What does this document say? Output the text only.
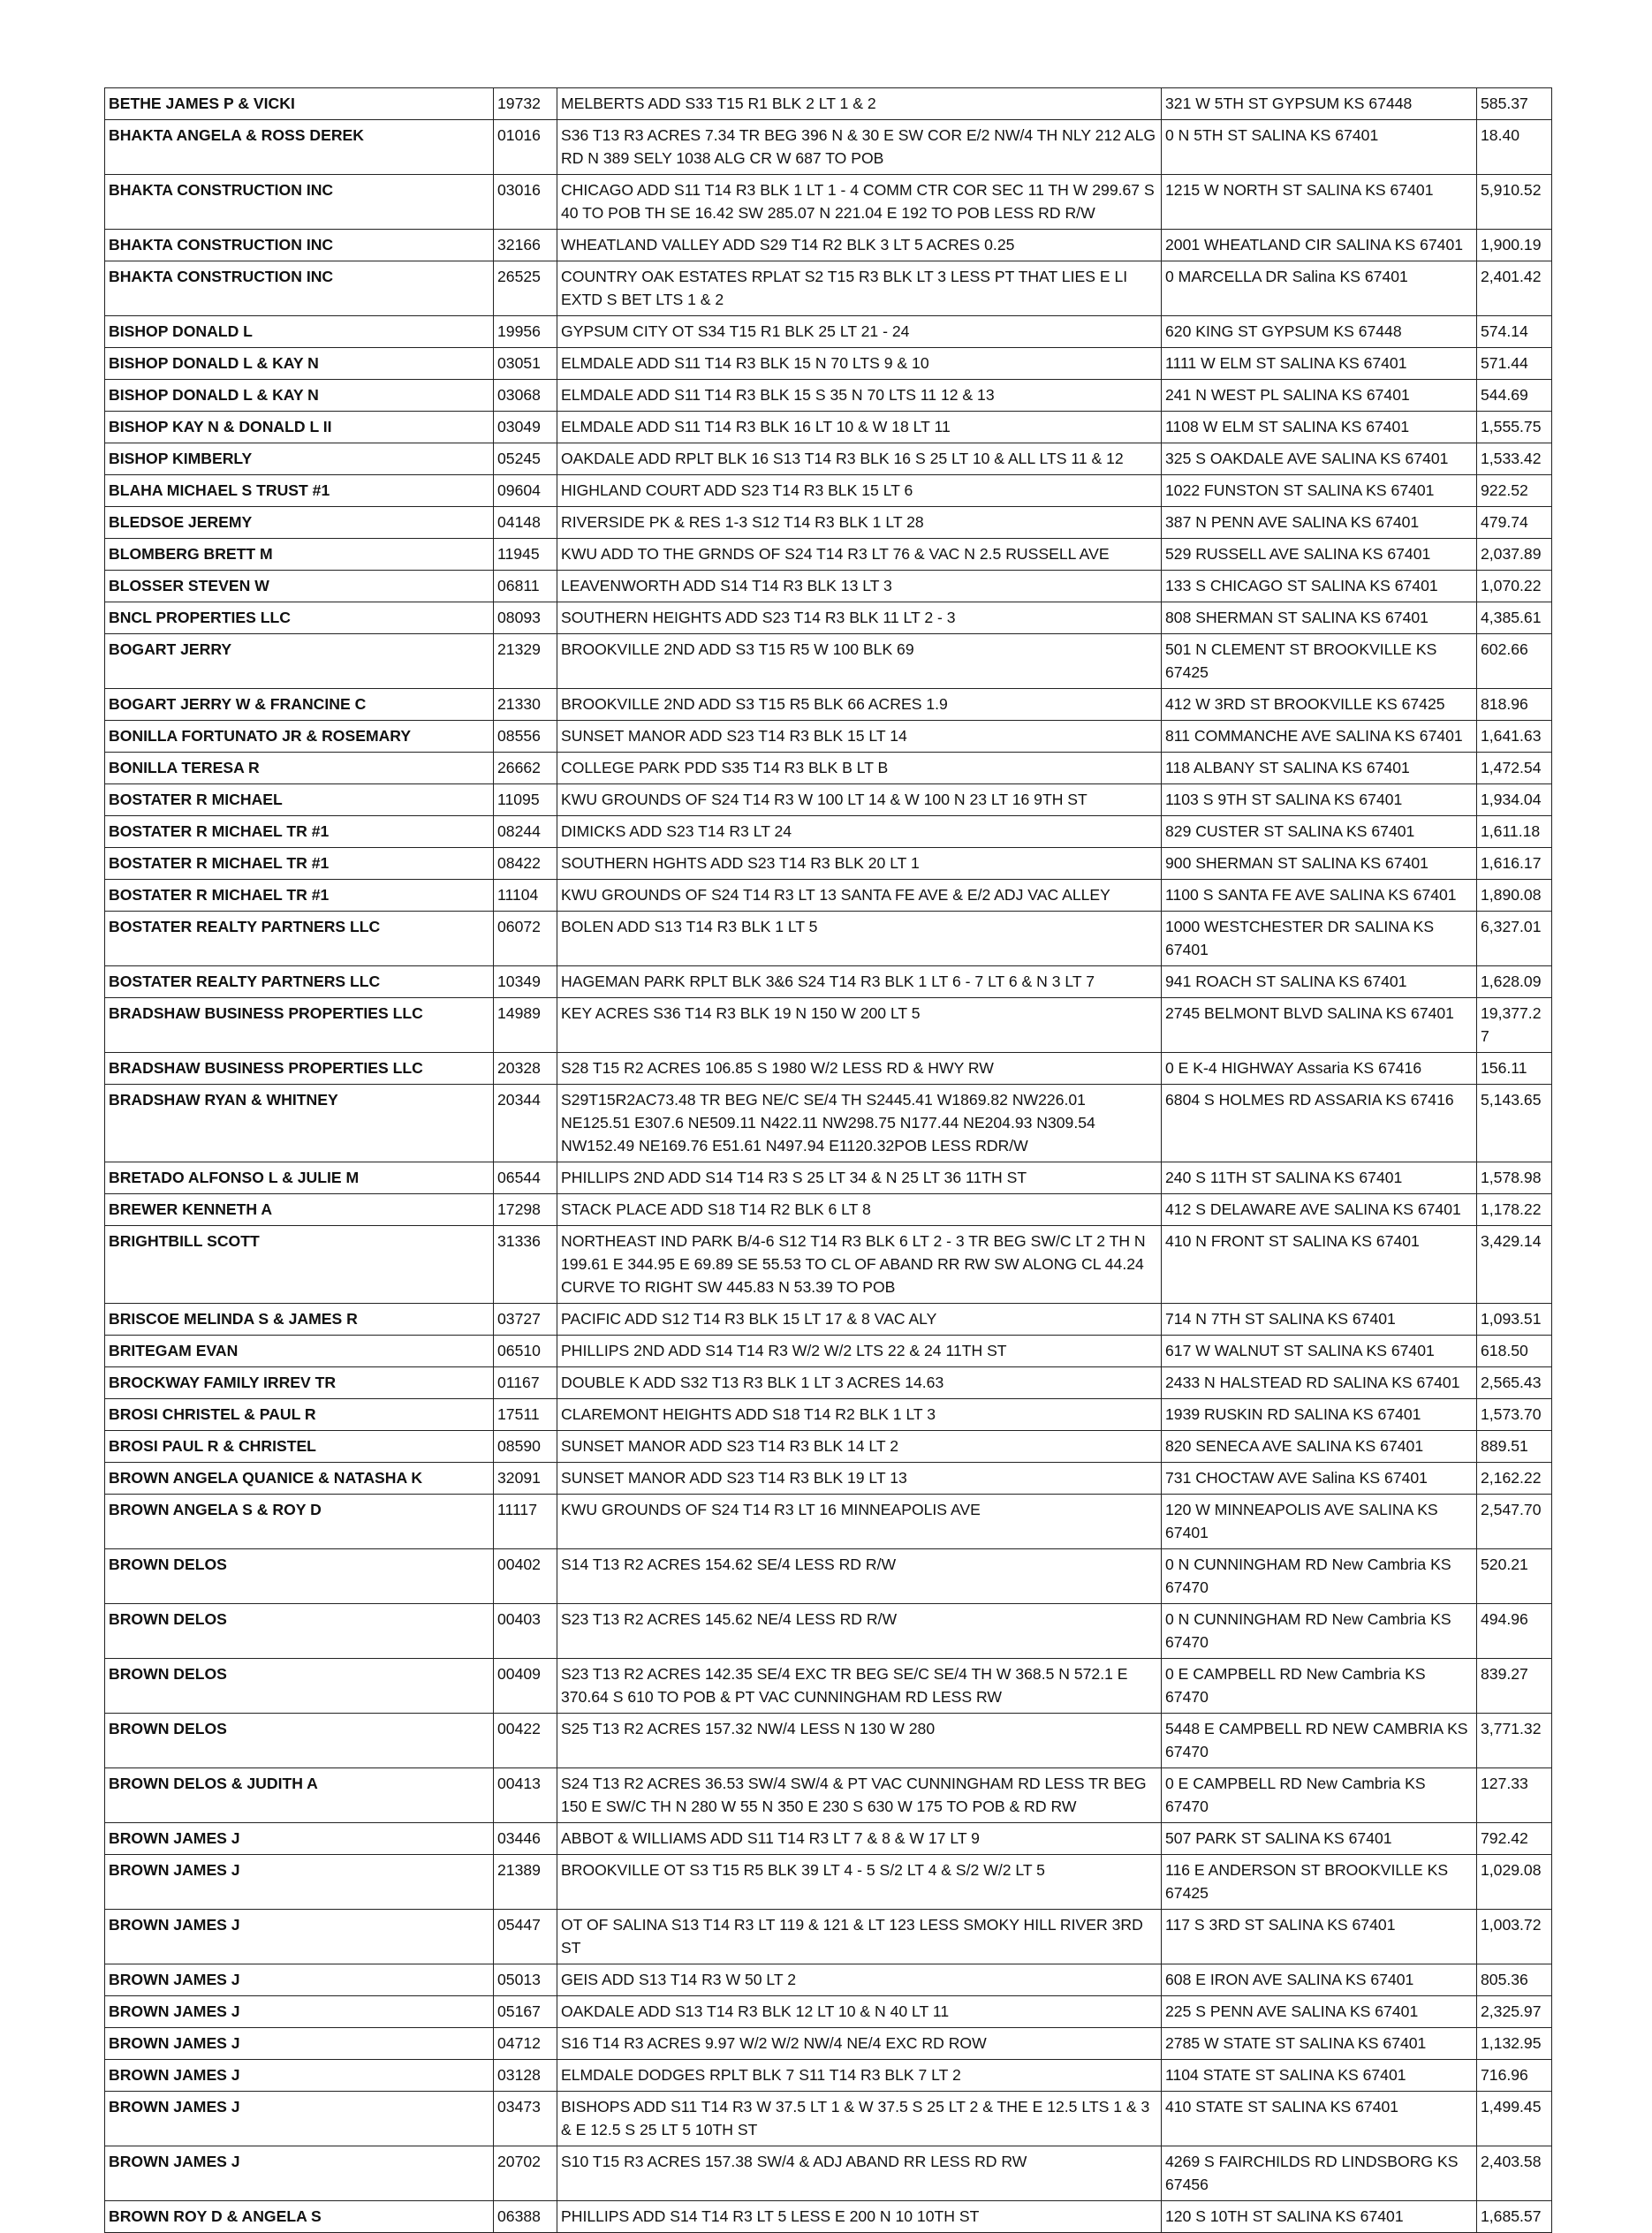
BETHE JAMES P & VICKI	19732	MELBERTS ADD S33 T15 R1 BLK 2 LT 1 & 2	321 W 5TH ST GYPSUM KS 67448	585.37
BHAKTA ANGELA & ROSS DEREK	01016	S36 T13 R3 ACRES 7.34 TR BEG 396 N & 30 E SW COR E/2 NW/4 TH NLY 212 ALG RD N 389 SELY 1038 ALG CR W 687 TO POB	0 N 5TH ST SALINA KS 67401	18.40
BHAKTA CONSTRUCTION INC	03016	CHICAGO ADD S11 T14 R3 BLK 1 LT 1 - 4 COMM CTR COR SEC 11 TH W 299.67 S 40 TO POB TH SE 16.42 SW 285.07 N 221.04 E 192 TO POB LESS RD R/W	1215 W NORTH ST SALINA KS 67401	5,910.52
BHAKTA CONSTRUCTION INC	32166	WHEATLAND VALLEY ADD S29 T14 R2 BLK 3 LT 5 ACRES 0.25	2001 WHEATLAND CIR SALINA KS 67401	1,900.19
BHAKTA CONSTRUCTION INC	26525	COUNTRY OAK ESTATES RPLAT S2 T15 R3 BLK LT 3 LESS PT THAT LIES E LI EXTD S BET LTS 1 & 2	0 MARCELLA DR Salina KS 67401	2,401.42
BISHOP DONALD L	19956	GYPSUM CITY OT S34 T15 R1 BLK 25 LT 21 - 24	620 KING ST GYPSUM KS 67448	574.14
BISHOP DONALD L & KAY N	03051	ELMDALE ADD S11 T14 R3 BLK 15 N 70 LTS 9 & 10	1111 W ELM ST SALINA KS 67401	571.44
BISHOP DONALD L & KAY N	03068	ELMDALE ADD S11 T14 R3 BLK 15 S 35 N 70 LTS 11 12 & 13	241 N WEST PL SALINA KS 67401	544.69
BISHOP KAY N & DONALD L II	03049	ELMDALE ADD S11 T14 R3 BLK 16 LT 10 & W 18 LT 11	1108 W ELM ST SALINA KS 67401	1,555.75
BISHOP KIMBERLY	05245	OAKDALE ADD RPLT BLK 16 S13 T14 R3 BLK 16 S 25 LT 10 & ALL LTS 11 & 12	325 S OAKDALE AVE SALINA KS 67401	1,533.42
BLAHA MICHAEL S TRUST #1	09604	HIGHLAND COURT ADD S23 T14 R3 BLK 15 LT 6	1022 FUNSTON ST SALINA KS 67401	922.52
BLEDSOE JEREMY	04148	RIVERSIDE PK & RES 1-3 S12 T14 R3 BLK 1 LT 28	387 N PENN AVE SALINA KS 67401	479.74
BLOMBERG BRETT M	11945	KWU ADD TO THE GRNDS OF S24 T14 R3 LT 76 & VAC N 2.5 RUSSELL AVE	529 RUSSELL AVE SALINA KS 67401	2,037.89
BLOSSER STEVEN W	06811	LEAVENWORTH ADD S14 T14 R3 BLK 13 LT 3	133 S CHICAGO ST SALINA KS 67401	1,070.22
BNCL PROPERTIES LLC	08093	SOUTHERN HEIGHTS ADD S23 T14 R3 BLK 11 LT 2 - 3	808 SHERMAN ST SALINA KS 67401	4,385.61
BOGART JERRY	21329	BROOKVILLE 2ND ADD S3 T15 R5 W 100 BLK 69	501 N CLEMENT ST BROOKVILLE KS 67425	602.66
BOGART JERRY W & FRANCINE C	21330	BROOKVILLE 2ND ADD S3 T15 R5 BLK 66 ACRES 1.9	412 W 3RD ST BROOKVILLE KS 67425	818.96
BONILLA FORTUNATO JR & ROSEMARY	08556	SUNSET MANOR ADD S23 T14 R3 BLK 15 LT 14	811 COMMANCHE AVE SALINA KS 67401	1,641.63
BONILLA TERESA R	26662	COLLEGE PARK PDD S35 T14 R3 BLK B LT B	118 ALBANY ST SALINA KS 67401	1,472.54
BOSTATER R MICHAEL	11095	KWU GROUNDS OF S24 T14 R3 W 100 LT 14 & W 100 N 23 LT 16 9TH ST	1103 S 9TH ST SALINA KS 67401	1,934.04
BOSTATER R MICHAEL TR #1	08244	DIMICKS ADD S23 T14 R3 LT 24	829 CUSTER ST SALINA KS 67401	1,611.18
BOSTATER R MICHAEL TR #1	08422	SOUTHERN HGHTS ADD S23 T14 R3 BLK 20 LT 1	900 SHERMAN ST SALINA KS 67401	1,616.17
BOSTATER R MICHAEL TR #1	11104	KWU GROUNDS OF S24 T14 R3 LT 13 SANTA FE AVE & E/2 ADJ VAC ALLEY	1100 S SANTA FE AVE SALINA KS 67401	1,890.08
BOSTATER REALTY PARTNERS LLC	06072	BOLEN ADD S13 T14 R3 BLK 1 LT 5	1000 WESTCHESTER DR SALINA KS 67401	6,327.01
BOSTATER REALTY PARTNERS LLC	10349	HAGEMAN PARK RPLT BLK 3&6 S24 T14 R3 BLK 1 LT 6 - 7 LT 6 & N 3 LT 7	941 ROACH ST SALINA KS 67401	1,628.09
BRADSHAW BUSINESS PROPERTIES LLC	14989	KEY ACRES S36 T14 R3 BLK 19 N 150 W 200 LT 5	2745 BELMONT BLVD SALINA KS 67401	19,377.27
BRADSHAW BUSINESS PROPERTIES LLC	20328	S28 T15 R2 ACRES 106.85 S 1980 W/2 LESS RD & HWY RW	0 E K-4 HIGHWAY Assaria KS 67416	156.11
BRADSHAW RYAN & WHITNEY	20344	S29T15R2AC73.48 TR BEG NE/C SE/4 TH S2445.41 W1869.82 NW226.01 NE125.51 E307.6 NE509.11 N422.11 NW298.75 N177.44 NE204.93 N309.54 NW152.49 NE169.76 E51.61 N497.94 E1120.32POB LESS RDR/W	6804 S HOLMES RD ASSARIA KS 67416	5,143.65
BRETADO ALFONSO L & JULIE M	06544	PHILLIPS 2ND ADD S14 T14 R3 S 25 LT 34 & N 25 LT 36 11TH ST	240 S 11TH ST SALINA KS 67401	1,578.98
BREWER KENNETH A	17298	STACK PLACE ADD S18 T14 R2 BLK 6 LT 8	412 S DELAWARE AVE SALINA KS 67401	1,178.22
BRIGHTBILL SCOTT	31336	NORTHEAST IND PARK B/4-6 S12 T14 R3 BLK 6 LT 2 - 3 TR BEG SW/C LT 2 TH N 199.61 E 344.95 E 69.89 SE 55.53 TO CL OF ABAND RR RW SW ALONG CL 44.24 CURVE TO RIGHT SW 445.83 N 53.39 TO POB	410 N FRONT ST SALINA KS 67401	3,429.14
BRISCOE MELINDA S & JAMES R	03727	PACIFIC ADD S12 T14 R3 BLK 15 LT 17 & 8 VAC ALY	714 N 7TH ST SALINA KS 67401	1,093.51
BRITEGAM EVAN	06510	PHILLIPS 2ND ADD S14 T14 R3 W/2 W/2 LTS 22 & 24 11TH ST	617 W WALNUT ST SALINA KS 67401	618.50
BROCKWAY FAMILY IRREV TR	01167	DOUBLE K ADD S32 T13 R3 BLK 1 LT 3 ACRES 14.63	2433 N HALSTEAD RD SALINA KS 67401	2,565.43
BROSI CHRISTEL & PAUL R	17511	CLAREMONT HEIGHTS ADD S18 T14 R2 BLK 1 LT 3	1939 RUSKIN RD SALINA KS 67401	1,573.70
BROSI PAUL R & CHRISTEL	08590	SUNSET MANOR ADD S23 T14 R3 BLK 14 LT 2	820 SENECA AVE SALINA KS 67401	889.51
BROWN ANGELA QUANICE & NATASHA K	32091	SUNSET MANOR ADD S23 T14 R3 BLK 19 LT 13	731 CHOCTAW AVE Salina KS 67401	2,162.22
BROWN ANGELA S & ROY D	11117	KWU GROUNDS OF S24 T14 R3 LT 16 MINNEAPOLIS AVE	120 W MINNEAPOLIS AVE SALINA KS 67401	2,547.70
BROWN DELOS	00402	S14 T13 R2 ACRES 154.62 SE/4 LESS RD R/W	0 N CUNNINGHAM RD New Cambria KS 67470	520.21
BROWN DELOS	00403	S23 T13 R2 ACRES 145.62 NE/4 LESS RD R/W	0 N CUNNINGHAM RD New Cambria KS 67470	494.96
BROWN DELOS	00409	S23 T13 R2 ACRES 142.35 SE/4 EXC TR BEG SE/C SE/4 TH W 368.5 N 572.1 E 370.64 S 610 TO POB & PT VAC CUNNINGHAM RD LESS RW	0 E CAMPBELL RD New Cambria KS 67470	839.27
BROWN DELOS	00422	S25 T13 R2 ACRES 157.32 NW/4 LESS N 130 W 280	5448 E CAMPBELL RD NEW CAMBRIA KS 67470	3,771.32
BROWN DELOS & JUDITH A	00413	S24 T13 R2 ACRES 36.53 SW/4 SW/4 & PT VAC CUNNINGHAM RD LESS TR BEG 150 E SW/C TH N 280 W 55 N 350 E 230 S 630 W 175 TO POB & RD RW	0 E CAMPBELL RD New Cambria KS 67470	127.33
BROWN JAMES J	03446	ABBOT & WILLIAMS ADD S11 T14 R3 LT 7 & 8 & W 17 LT 9	507 PARK ST SALINA KS 67401	792.42
BROWN JAMES J	21389	BROOKVILLE OT S3 T15 R5 BLK 39 LT 4 - 5 S/2 LT 4 & S/2 W/2 LT 5	116 E ANDERSON ST BROOKVILLE KS 67425	1,029.08
BROWN JAMES J	05447	OT OF SALINA S13 T14 R3 LT 119 & 121 & LT 123 LESS SMOKY HILL RIVER 3RD ST	117 S 3RD ST SALINA KS 67401	1,003.72
BROWN JAMES J	05013	GEIS ADD S13 T14 R3 W 50 LT 2	608 E IRON AVE SALINA KS 67401	805.36
BROWN JAMES J	05167	OAKDALE ADD S13 T14 R3 BLK 12 LT 10 & N 40 LT 11	225 S PENN AVE SALINA KS 67401	2,325.97
BROWN JAMES J	04712	S16 T14 R3 ACRES 9.97 W/2 W/2 NW/4 NE/4 EXC RD ROW	2785 W STATE ST SALINA KS 67401	1,132.95
BROWN JAMES J	03128	ELMDALE DODGES RPLT BLK 7 S11 T14 R3 BLK 7 LT 2	1104 STATE ST SALINA KS 67401	716.96
BROWN JAMES J	03473	BISHOPS ADD S11 T14 R3 W 37.5 LT 1 & W 37.5 S 25 LT 2 & THE E 12.5 LTS 1 & 3 & E 12.5 S 25 LT 5 10TH ST	410 STATE ST SALINA KS 67401	1,499.45
BROWN JAMES J	20702	S10 T15 R3 ACRES 157.38 SW/4 & ADJ ABAND RR LESS RD RW	4269 S FAIRCHILDS RD LINDSBORG KS 67456	2,403.58
BROWN ROY D & ANGELA S	06388	PHILLIPS ADD S14 T14 R3 LT 5 LESS E 200 N 10 10TH ST	120 S 10TH ST SALINA KS 67401	1,685.57
